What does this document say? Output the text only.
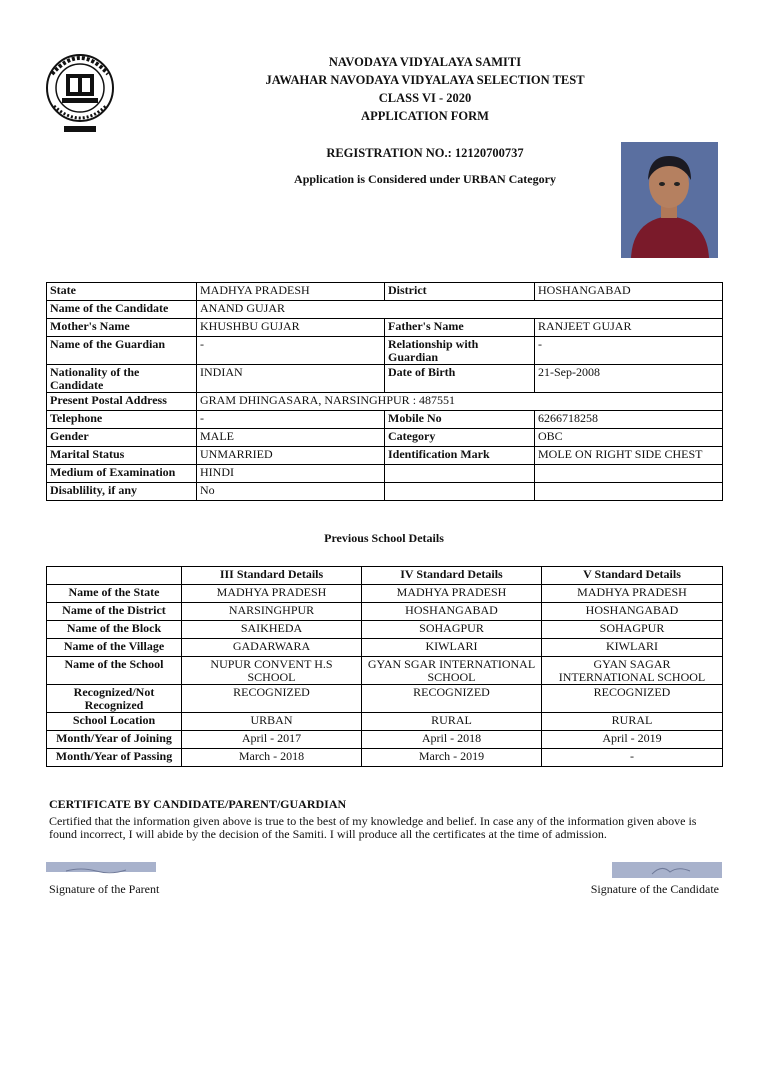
NAVODAYA VIDYALAYA SAMITI
JAWAHAR NAVODAYA VIDYALAYA SELECTION TEST
CLASS VI - 2020
APPLICATION FORM
REGISTRATION NO.: 12120700737
Application is Considered under URBAN Category
State	MADHYA PRADESH	District	HOSHANGABAD
Name of the Candidate	ANAND GUJAR		
Mother's Name	KHUSHBU GUJAR	Father's Name	RANJEET GUJAR
Name of the Guardian	-	Relationship with Guardian	-
Nationality of the Candidate	INDIAN	Date of Birth	21-Sep-2008
Present Postal Address	GRAM DHINGASARA, NARSINGHPUR : 487551		
Telephone	-	Mobile No	6266718258
Gender	MALE	Category	OBC
Marital Status	UNMARRIED	Identification Mark	MOLE ON RIGHT SIDE CHEST
Medium of Examination	HINDI		
Disablility, if any	No		
Previous School Details
	III Standard Details	IV Standard Details	V Standard Details
Name of the State	MADHYA PRADESH	MADHYA PRADESH	MADHYA PRADESH
Name of the District	NARSINGHPUR	HOSHANGABAD	HOSHANGABAD
Name of the Block	SAIKHEDA	SOHAGPUR	SOHAGPUR
Name of the Village	GADARWARA	KIWLARI	KIWLARI
Name of the School	NUPUR CONVENT H.S SCHOOL	GYAN SGAR INTERNATIONAL SCHOOL	GYAN SAGAR INTERNATIONAL SCHOOL
Recognized/Not Recognized	RECOGNIZED	RECOGNIZED	RECOGNIZED
School Location	URBAN	RURAL	RURAL
Month/Year of Joining	April - 2017	April - 2018	April - 2019
Month/Year of Passing	March - 2018	March - 2019	-
CERTIFICATE BY CANDIDATE/PARENT/GUARDIAN
Certified that the information given above is true to the best of my knowledge and belief. In case any of the information given above is found incorrect, I will abide by the decision of the Samiti. I will produce all the certificates at the time of admission.
Signature of the Parent	Signature of the Candidate
